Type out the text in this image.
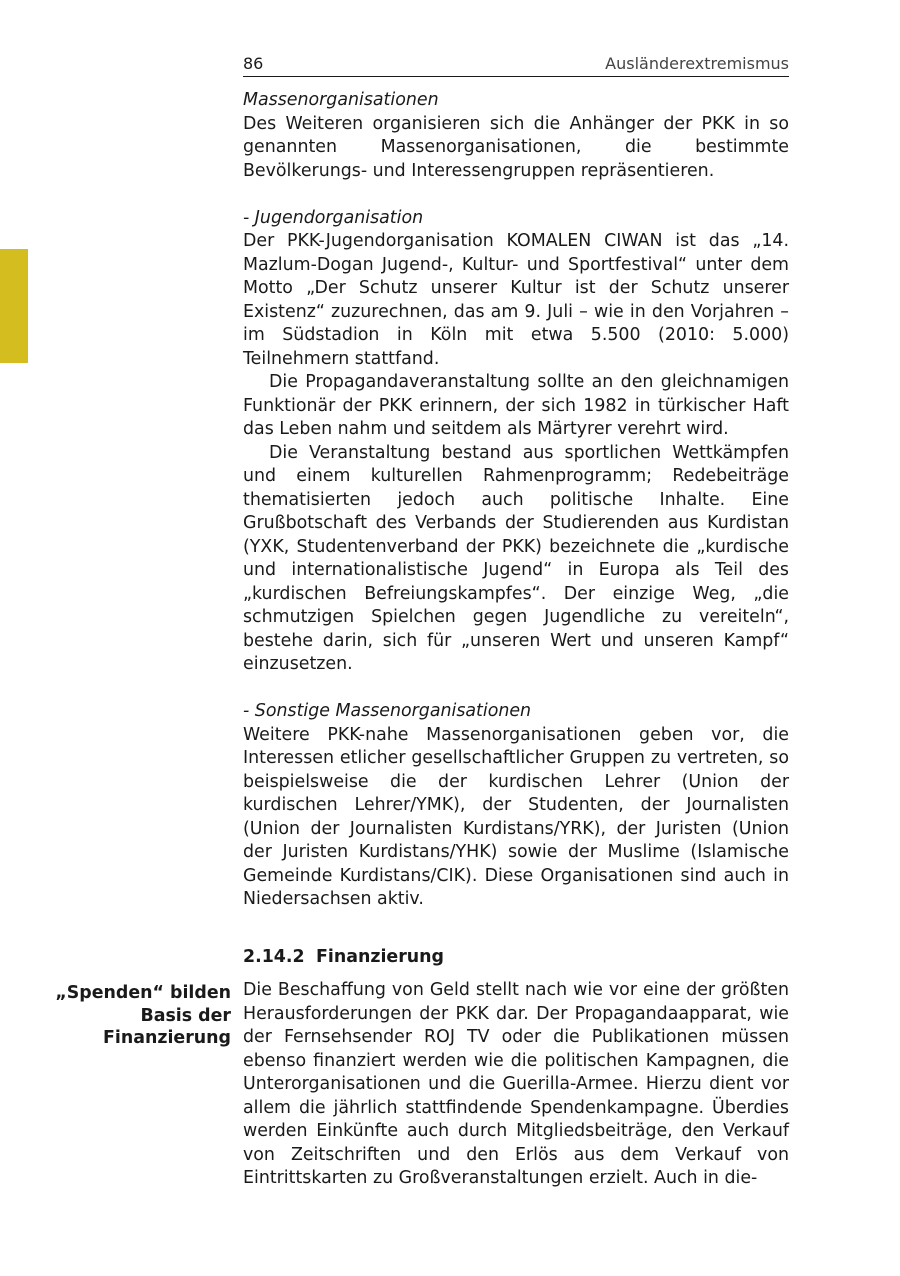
86	Ausländerextremismus
„Spenden“ bilden
Basis der
Finanzierung
Massenorganisationen

Des Weiteren organisieren sich die Anhänger der PKK in so genannten Massenorganisationen, die bestimmte Bevölkerungs- und Interessengruppen repräsentieren.

- Jugendorganisation

Der PKK-Jugendorganisation KOMALEN CIWAN ist das „14. Mazlum-Dogan Jugend-, Kultur- und Sportfestival“ unter dem Motto „Der Schutz unserer Kultur ist der Schutz unserer Existenz“ zuzurechnen, das am 9. Juli – wie in den Vorjahren – im Südstadion in Köln mit etwa 5.500 (2010: 5.000) Teilnehmern stattfand.

Die Propagandaveranstaltung sollte an den gleichnamigen Funktionär der PKK erinnern, der sich 1982 in türkischer Haft das Leben nahm und seitdem als Märtyrer verehrt wird.

Die Veranstaltung bestand aus sportlichen Wettkämpfen und einem kulturellen Rahmenprogramm; Redebeiträge thematisierten jedoch auch politische Inhalte. Eine Grußbotschaft des Verbands der Studierenden aus Kurdistan (YXK, Studentenverband der PKK) bezeichnete die „kurdische und internationalistische Jugend“ in Europa als Teil des „kurdischen Befreiungskampfes“. Der einzige Weg, „die schmutzigen Spielchen gegen Jugendliche zu vereiteln“, bestehe darin, sich für „unseren Wert und unseren Kampf“ einzusetzen.

- Sonstige Massenorganisationen

Weitere PKK-nahe Massenorganisationen geben vor, die Interessen etlicher gesellschaftlicher Gruppen zu vertreten, so beispielsweise die der kurdischen Lehrer (Union der kurdischen Lehrer/YMK), der Studenten, der Journalisten (Union der Journalisten Kurdistans/YRK), der Juristen (Union der Juristen Kurdistans/YHK) sowie der Muslime (Islamische Gemeinde Kurdistans/CIK). Diese Organisationen sind auch in Niedersachsen aktiv.

2.14.2 Finanzierung

Die Beschaffung von Geld stellt nach wie vor eine der größten Herausforderungen der PKK dar. Der Propagandaapparat, wie der Fernsehsender ROJ TV oder die Publikationen müssen ebenso finanziert werden wie die politischen Kampagnen, die Unterorganisationen und die Guerilla-Armee. Hierzu dient vor allem die jährlich stattfindende Spendenkampagne. Überdies werden Einkünfte auch durch Mitgliedsbeiträge, den Verkauf von Zeitschriften und den Erlös aus dem Verkauf von Eintrittskarten zu Großveranstaltungen erzielt. Auch in die-
